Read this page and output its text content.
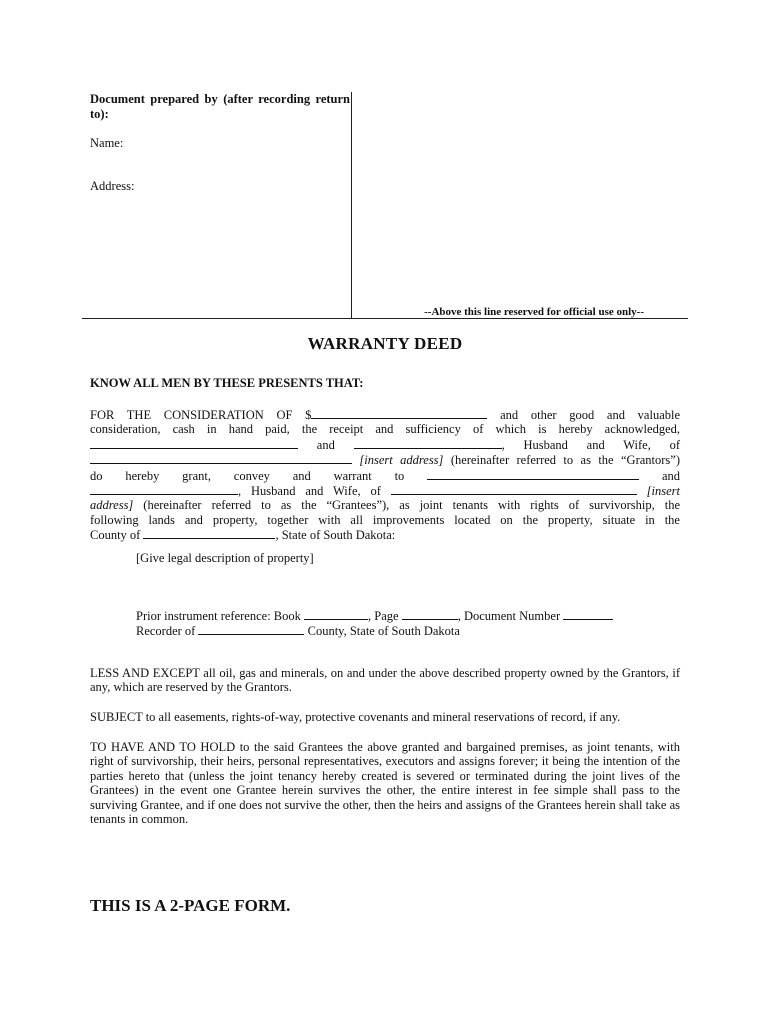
Document prepared by (after recording return to):
Name:
Address:
--Above this line reserved for official use only--
WARRANTY DEED
KNOW ALL MEN BY THESE PRESENTS THAT:
FOR THE CONSIDERATION OF $	and other good and valuable
consideration, cash in hand paid, the receipt and sufficiency of which is hereby acknowledged,
and	, Husband and Wife, of
[insert address] (hereinafter referred to as the “Grantors”)
do hereby grant, convey and warrant to	and
, Husband and Wife, of	[insert
address] (hereinafter referred to as the “Grantees”), as joint tenants with rights of survivorship, the
following lands and property, together with all improvements located on the property, situate in the
County of	, State of South Dakota:
[Give legal description of property]
Prior instrument reference: Book	, Page	, Document Number
Recorder of	County, State of South Dakota
LESS AND EXCEPT all oil, gas and minerals, on and under the above described property owned by the Grantors, if any, which are reserved by the Grantors.
SUBJECT to all easements, rights-of-way, protective covenants and mineral reservations of record, if any.
TO HAVE AND TO HOLD to the said Grantees the above granted and bargained premises, as joint tenants, with right of survivorship, their heirs, personal representatives, executors and assigns forever; it being the intention of the parties hereto that (unless the joint tenancy hereby created is severed or terminated during the joint lives of the Grantees) in the event one Grantee herein survives the other, the entire interest in fee simple shall pass to the surviving Grantee, and if one does not survive the other, then the heirs and assigns of the Grantees herein shall take as tenants in common.
THIS IS A 2-PAGE FORM.
